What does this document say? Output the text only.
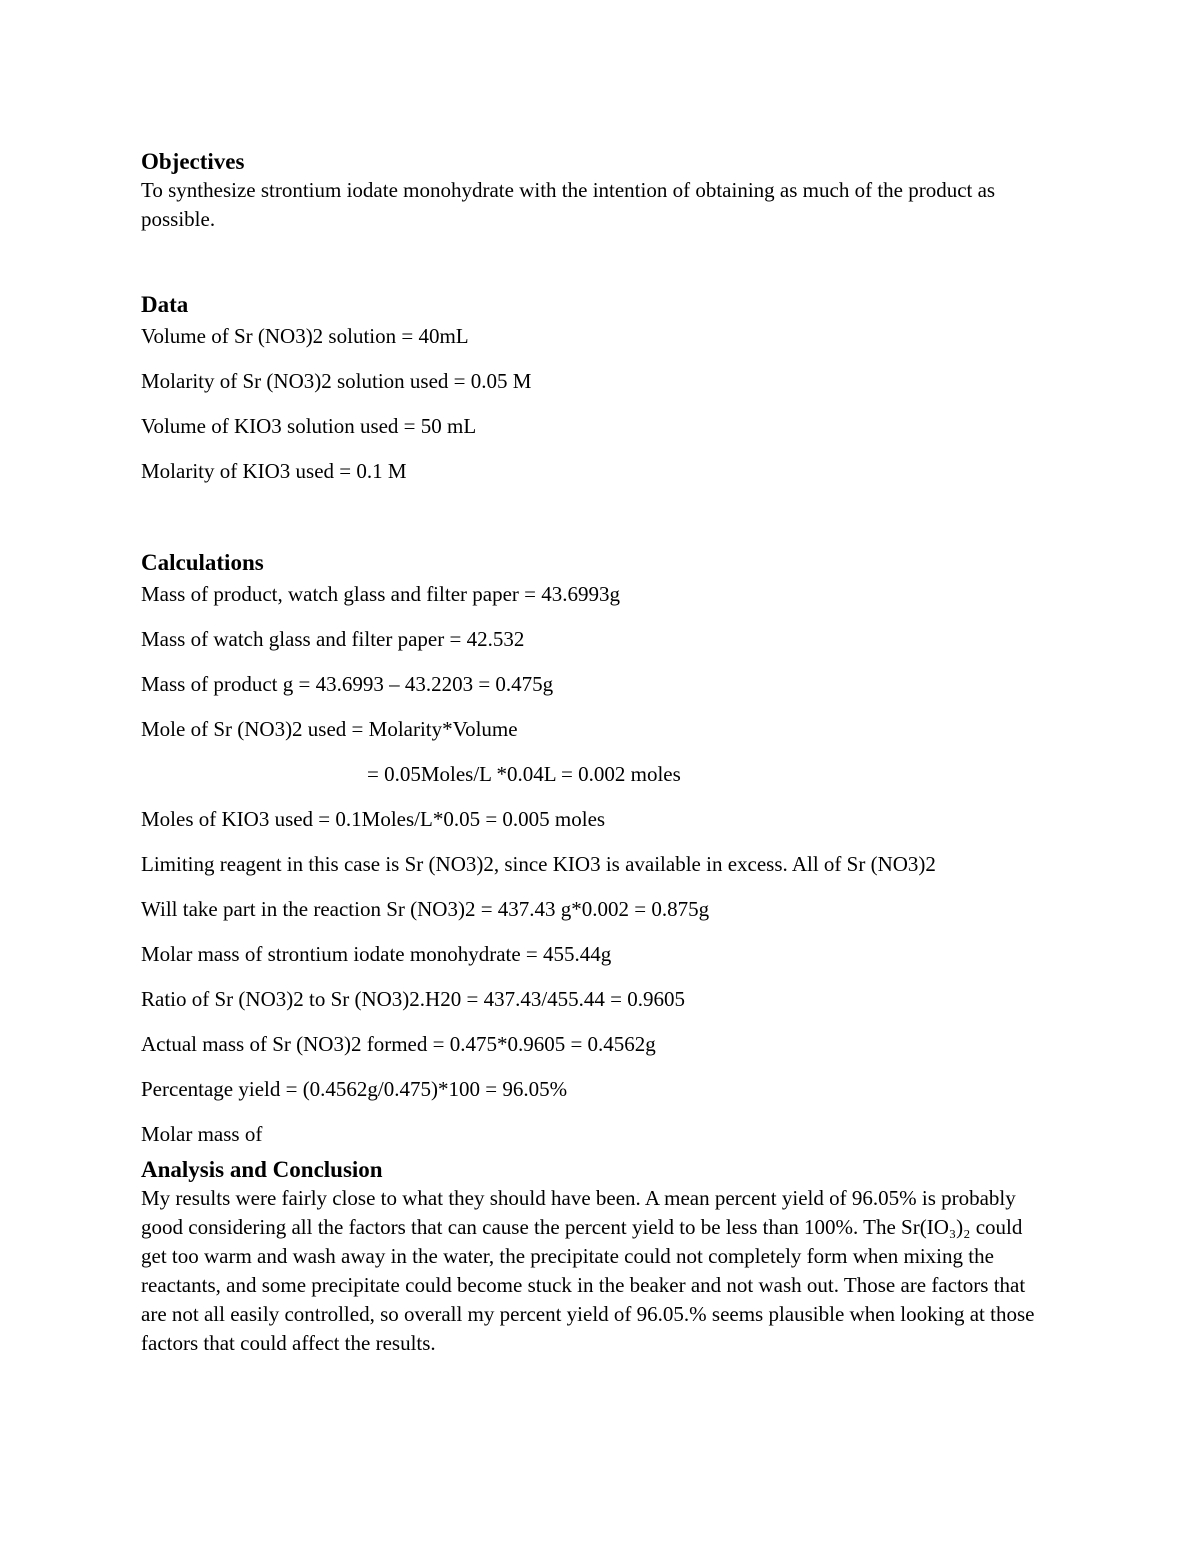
Objectives

To synthesize strontium iodate monohydrate with the intention of obtaining as much of the product as possible.

Data

Volume of Sr (NO3)2 solution = 40mL

Molarity of Sr (NO3)2 solution used = 0.05 M

Volume of KIO3 solution used = 50 mL

Molarity of KIO3 used = 0.1 M

Calculations

Mass of product, watch glass and filter paper = 43.6993g

Mass of watch glass and filter paper = 42.532

Mass of product g = 43.6993 – 43.2203 = 0.475g

Mole of Sr (NO3)2 used = Molarity*Volume

= 0.05Moles/L *0.04L = 0.002 moles

Moles of KIO3 used = 0.1Moles/L*0.05 = 0.005 moles

Limiting reagent in this case is Sr (NO3)2, since KIO3 is available in excess. All of Sr (NO3)2

Will take part in the reaction Sr (NO3)2 = 437.43 g*0.002 = 0.875g

Molar mass of strontium iodate monohydrate = 455.44g

Ratio of Sr (NO3)2 to Sr (NO3)2.H20 = 437.43/455.44 = 0.9605

Actual mass of Sr (NO3)2 formed = 0.475*0.9605 = 0.4562g

Percentage yield = (0.4562g/0.475)*100 = 96.05%

Molar mass of

Analysis and Conclusion

My results were fairly close to what they should have been. A mean percent yield of 96.05% is probably good considering all the factors that can cause the percent yield to be less than 100%. The Sr(IO₃)₂ could get too warm and wash away in the water, the precipitate could not completely form when mixing the reactants, and some precipitate could become stuck in the beaker and not wash out. Those are factors that are not all easily controlled, so overall my percent yield of 96.05.% seems plausible when looking at those factors that could affect the results.
